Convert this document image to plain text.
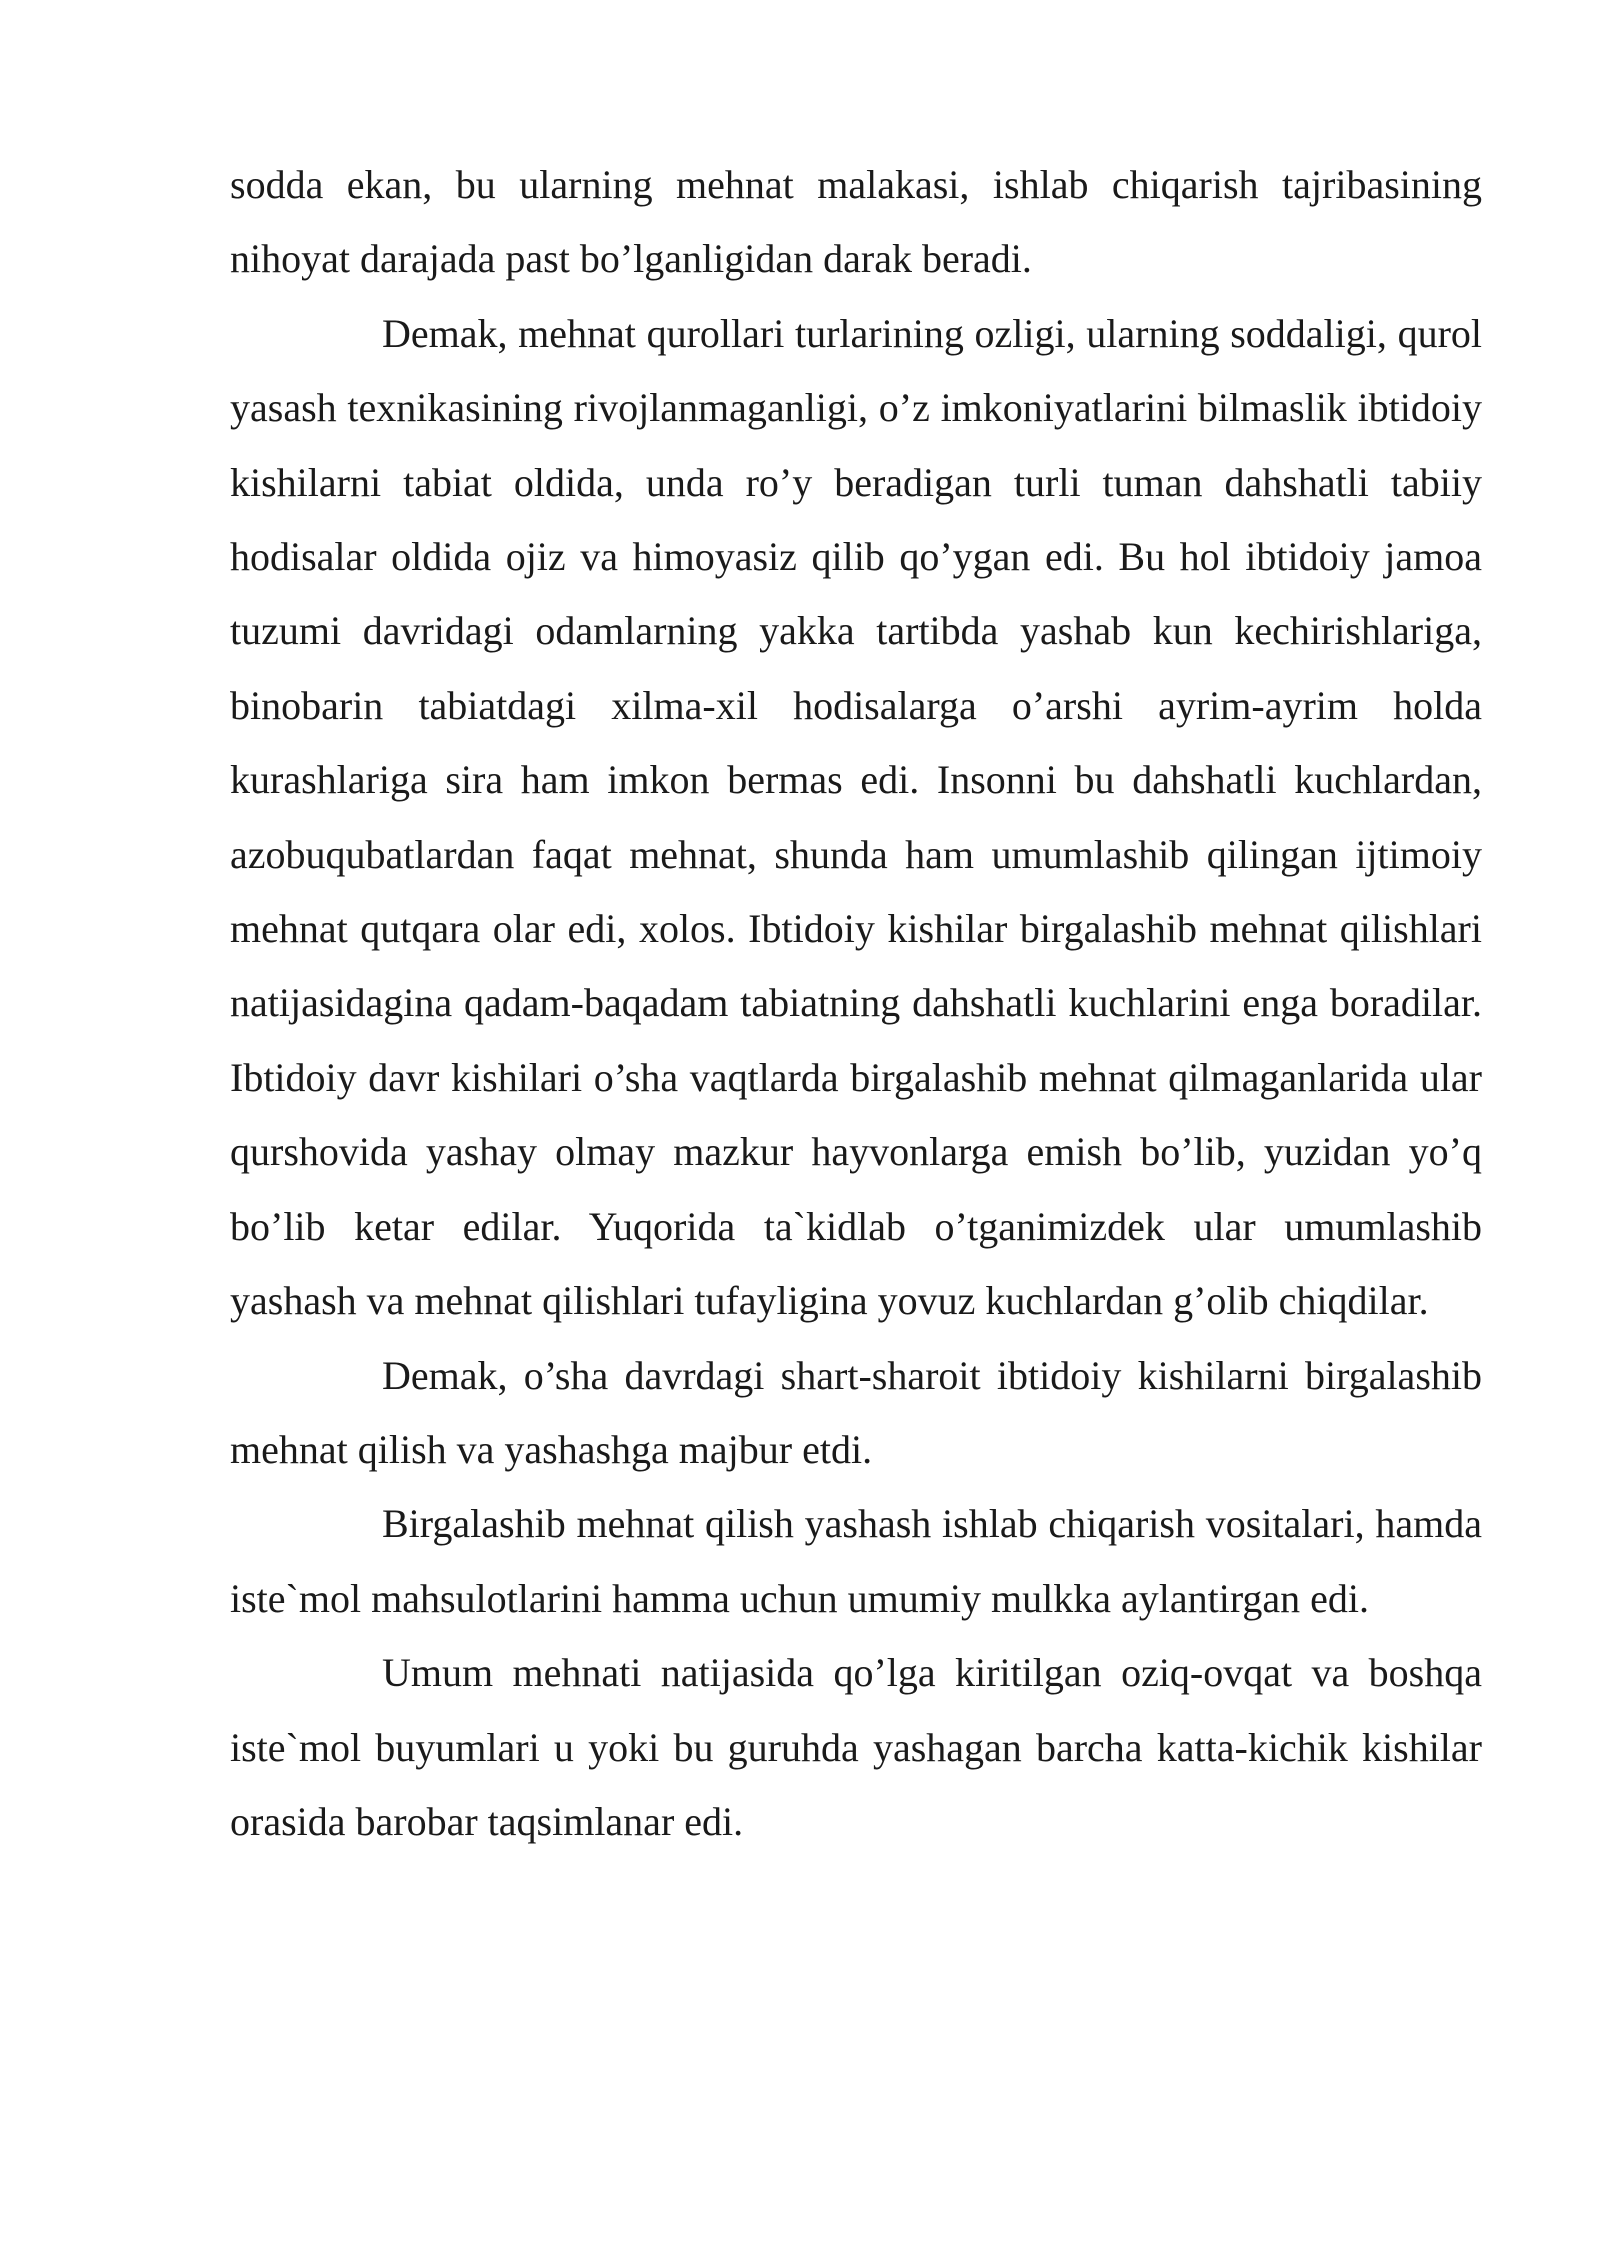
sodda ekan, bu ularning mehnat malakasi, ishlab chiqarish tajribasining nihoyat darajada past bo’lganligidan darak beradi.

Demak, mehnat qurollari turlarining ozligi, ularning soddaligi, qurol yasash texnikasining rivojlanmaganligi, o’z imkoniyatlarini bilmaslik ibtidoiy kishilarni tabiat oldida, unda ro’y beradigan turli tuman dahshatli tabiiy hodisalar oldida ojiz va himoyasiz qilib qo’ygan edi. Bu hol ibtidoiy jamoa tuzumi davridagi odamlarning yakka tartibda yashab kun kechirishlariga, binobarin tabiatdagi xilma-xil hodisalarga o’arshi ayrim-ayrim holda kurashlariga sira ham imkon bermas edi. Insonni bu dahshatli kuchlardan, azobuqubatlardan faqat mehnat, shunda ham umumlashib qilingan ijtimoiy mehnat qutqara olar edi, xolos. Ibtidoiy kishilar birgalashib mehnat qilishlari natijasidagina qadam-baqadam tabiatning dahshatli kuchlarini enga boradilar. Ibtidoiy davr kishilari o’sha vaqtlarda birgalashib mehnat qilmaganlarida ular qurshovida yashay olmay mazkur hayvonlarga emish bo’lib, yuzidan yo’q bo’lib ketar edilar. Yuqorida ta`kidlab o’tganimizdek ular umumlashib yashash va mehnat qilishlari tufayligina yovuz kuchlardan g’olib chiqdilar.

Demak, o’sha davrdagi shart-sharoit ibtidoiy kishilarni birgalashib mehnat qilish va yashashga majbur etdi.

Birgalashib mehnat qilish yashash ishlab chiqarish vositalari, hamda iste`mol mahsulotlarini hamma uchun umumiy mulkka aylantirgan edi.

Umum mehnati natijasida qo’lga kiritilgan oziq-ovqat va boshqa iste`mol buyumlari u yoki bu guruhda yashagan barcha katta-kichik kishilar orasida barobar taqsimlanar edi.
